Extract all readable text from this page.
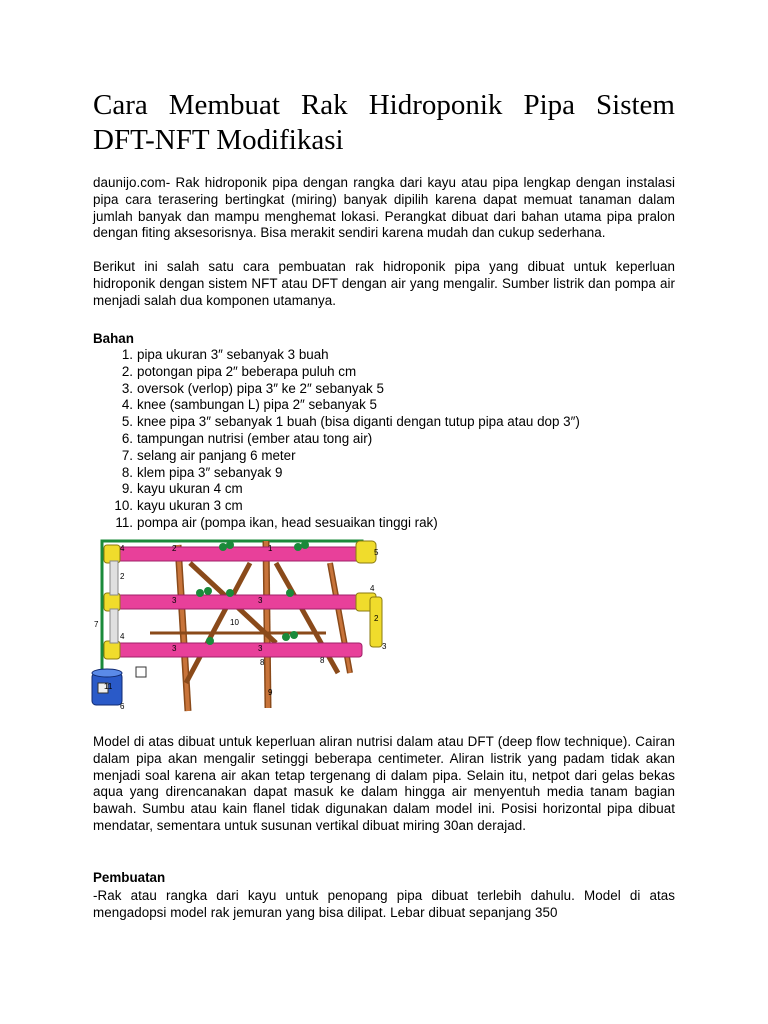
Cara Membuat Rak Hidroponik Pipa Sistem
DFT-NFT Modifikasi

daunijo.com- Rak hidroponik pipa dengan rangka dari kayu atau pipa lengkap dengan instalasi pipa cara terasering bertingkat (miring) banyak dipilih karena dapat memuat tanaman dalam jumlah banyak dan mampu menghemat lokasi. Perangkat dibuat dari bahan utama pipa pralon dengan fiting aksesorisnya. Bisa merakit sendiri karena mudah dan cukup sederhana.

Berikut ini salah satu cara pembuatan rak hidroponik pipa yang dibuat untuk keperluan hidroponik dengan sistem NFT atau DFT dengan air yang mengalir. Sumber listrik dan pompa air menjadi salah dua komponen utamanya.

Bahan

1. pipa ukuran 3″ sebanyak 3 buah
2. potongan pipa 2″ beberapa puluh cm
3. oversok (verlop) pipa 3″ ke 2″ sebanyak 5
4. knee (sambungan L) pipa 2″ sebanyak 5
5. knee pipa 3″ sebanyak 1 buah (bisa diganti dengan tutup pipa atau dop 3″)
6. tampungan nutrisi (ember atau tong air)
7. selang air panjang 6 meter
8. klem pipa 3″ sebanyak 9
9. kayu ukuran 4 cm
10. kayu ukuran 3 cm
11. pompa air (pompa ikan, head sesuaikan tinggi rak)

Model di atas dibuat untuk keperluan aliran nutrisi dalam atau DFT (deep flow technique). Cairan dalam pipa akan mengalir setinggi beberapa centimeter. Aliran listrik yang padam tidak akan menjadi soal karena air akan tetap tergenang di dalam pipa. Selain itu, netpot dari gelas bekas aqua yang direncanakan dapat masuk ke dalam hingga air menyentuh media tanam bagian bawah. Sumbu atau kain flanel tidak digunakan dalam model ini. Posisi horizontal pipa dibuat mendatar, sementara untuk susunan vertikal dibuat miring 30an derajad.

Pembuatan

-Rak atau rangka dari kayu untuk penopang pipa dibuat terlebih dahulu. Model di atas mengadopsi model rak jemuran yang bisa dilipat. Lebar dibuat sepanjang 350

4	2	1	5
2
3	3
4
2
10
7
4
3	3	3
8
8
9
11
6
